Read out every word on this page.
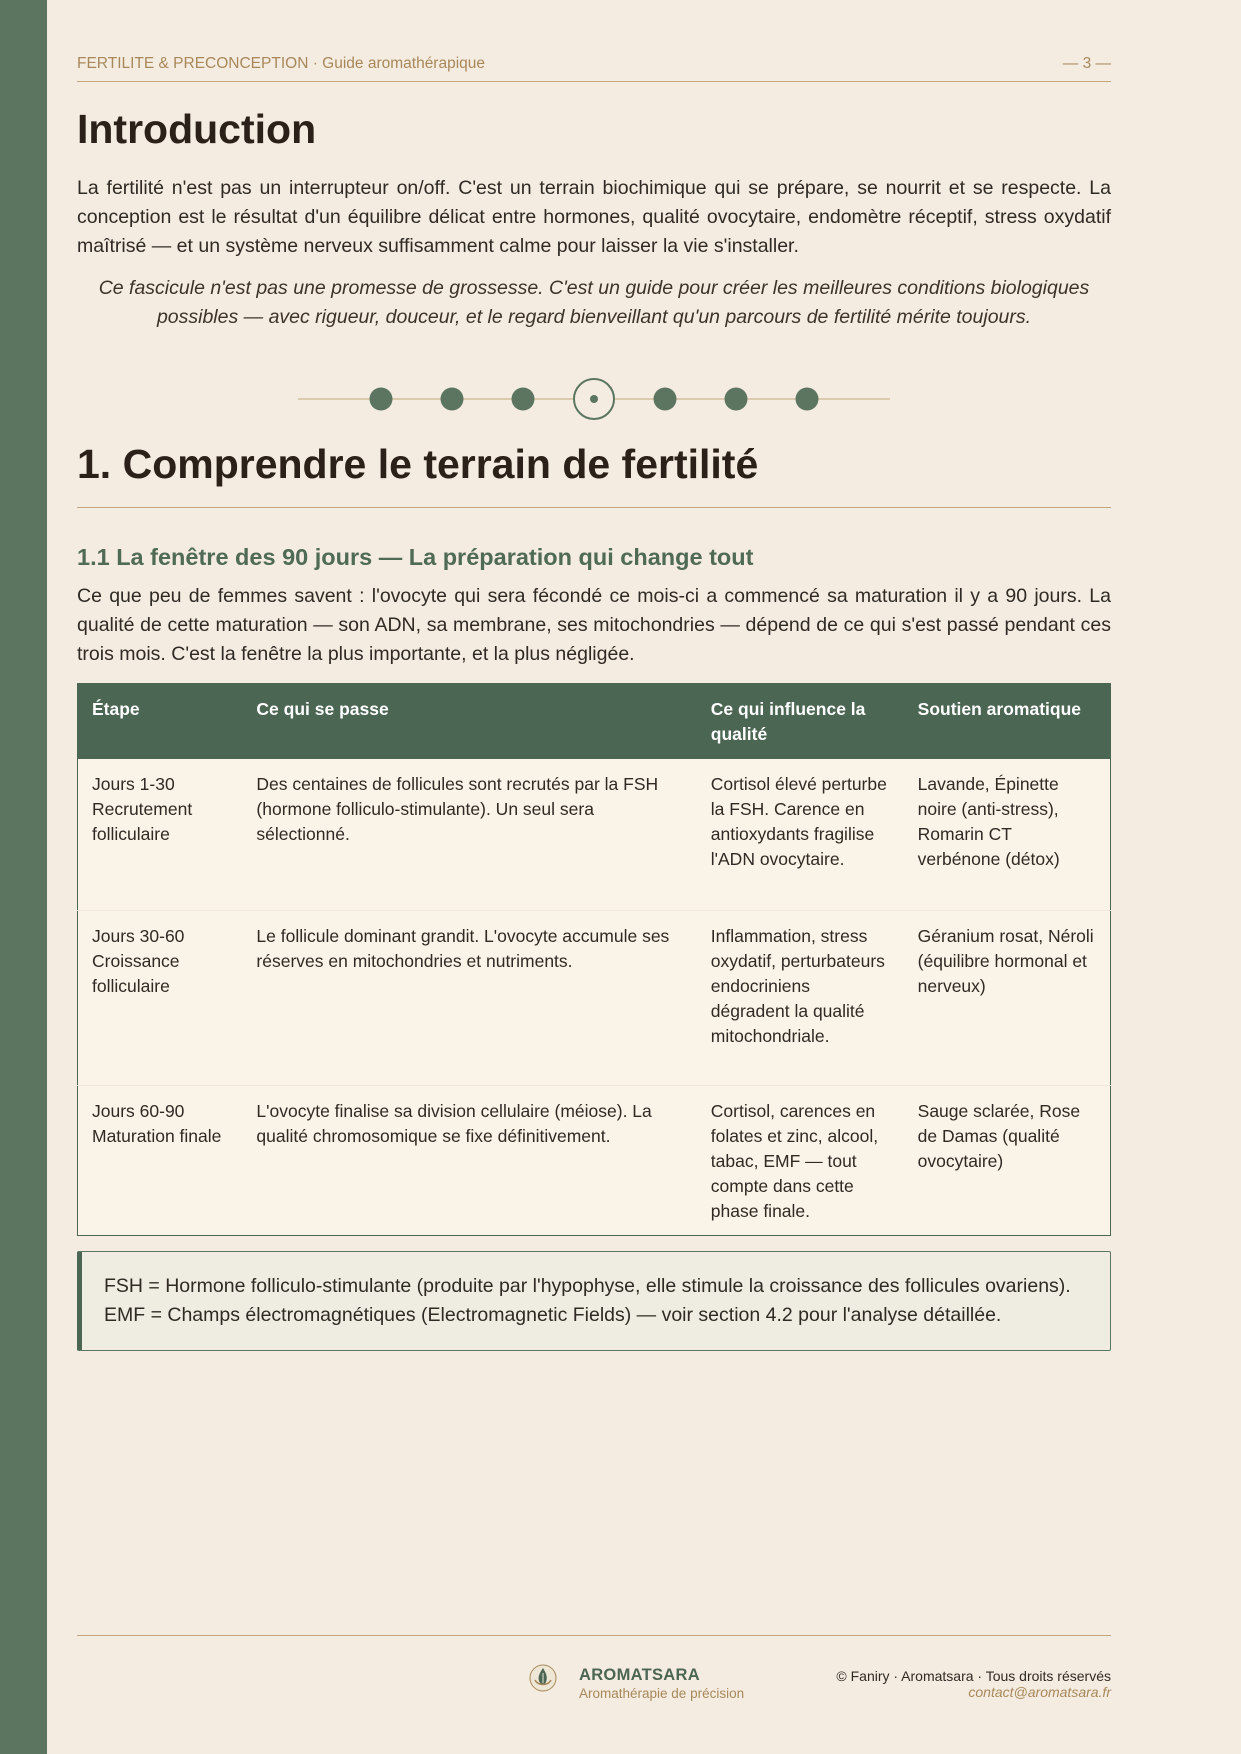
FERTILITE & PRECONCEPTION · Guide aromathérapique	— 3 —
Introduction

La fertilité n'est pas un interrupteur on/off. C'est un terrain biochimique qui se prépare, se nourrit et se respecte. La conception est le résultat d'un équilibre délicat entre hormones, qualité ovocytaire, endomètre réceptif, stress oxydatif maîtrisé — et un système nerveux suffisamment calme pour laisser la vie s'installer.

Ce fascicule n'est pas une promesse de grossesse. C'est un guide pour créer les meilleures conditions biologiques possibles — avec rigueur, douceur, et le regard bienveillant qu'un parcours de fertilité mérite toujours.

1. Comprendre le terrain de fertilité
1.1 La fenêtre des 90 jours — La préparation qui change tout

Ce que peu de femmes savent : l'ovocyte qui sera fécondé ce mois-ci a commencé sa maturation il y a 90 jours. La qualité de cette maturation — son ADN, sa membrane, ses mitochondries — dépend de ce qui s'est passé pendant ces trois mois. C'est la fenêtre la plus importante, et la plus négligée.

Étape	Ce qui se passe	Ce qui influence la qualité	Soutien aromatique
Jours 1-30 Recrutement folliculaire	Des centaines de follicules sont recrutés par la FSH (hormone folliculo-stimulante). Un seul sera sélectionné.	Cortisol élevé perturbe la FSH. Carence en antioxydants fragilise l'ADN ovocytaire.	Lavande, Épinette noire (anti-stress), Romarin CT verbénone (détox)
Jours 30-60 Croissance folliculaire	Le follicule dominant grandit. L'ovocyte accumule ses réserves en mitochondries et nutriments.	Inflammation, stress oxydatif, perturbateurs endocriniens dégradent la qualité mitochondriale.	Géranium rosat, Néroli (équilibre hormonal et nerveux)
Jours 60-90 Maturation finale	L'ovocyte finalise sa division cellulaire (méiose). La qualité chromosomique se fixe définitivement.	Cortisol, carences en folates et zinc, alcool, tabac, EMF — tout compte dans cette phase finale.	Sauge sclarée, Rose de Damas (qualité ovocytaire)
FSH = Hormone folliculo-stimulante (produite par l'hypophyse, elle stimule la croissance des follicules ovariens).
EMF = Champs électromagnétiques (Electromagnetic Fields) — voir section 4.2 pour l'analyse détaillée.
AROMATSARA
Aromathérapie de précision
© Faniry · Aromatsara · Tous droits réservés
contact@aromatsara.fr
